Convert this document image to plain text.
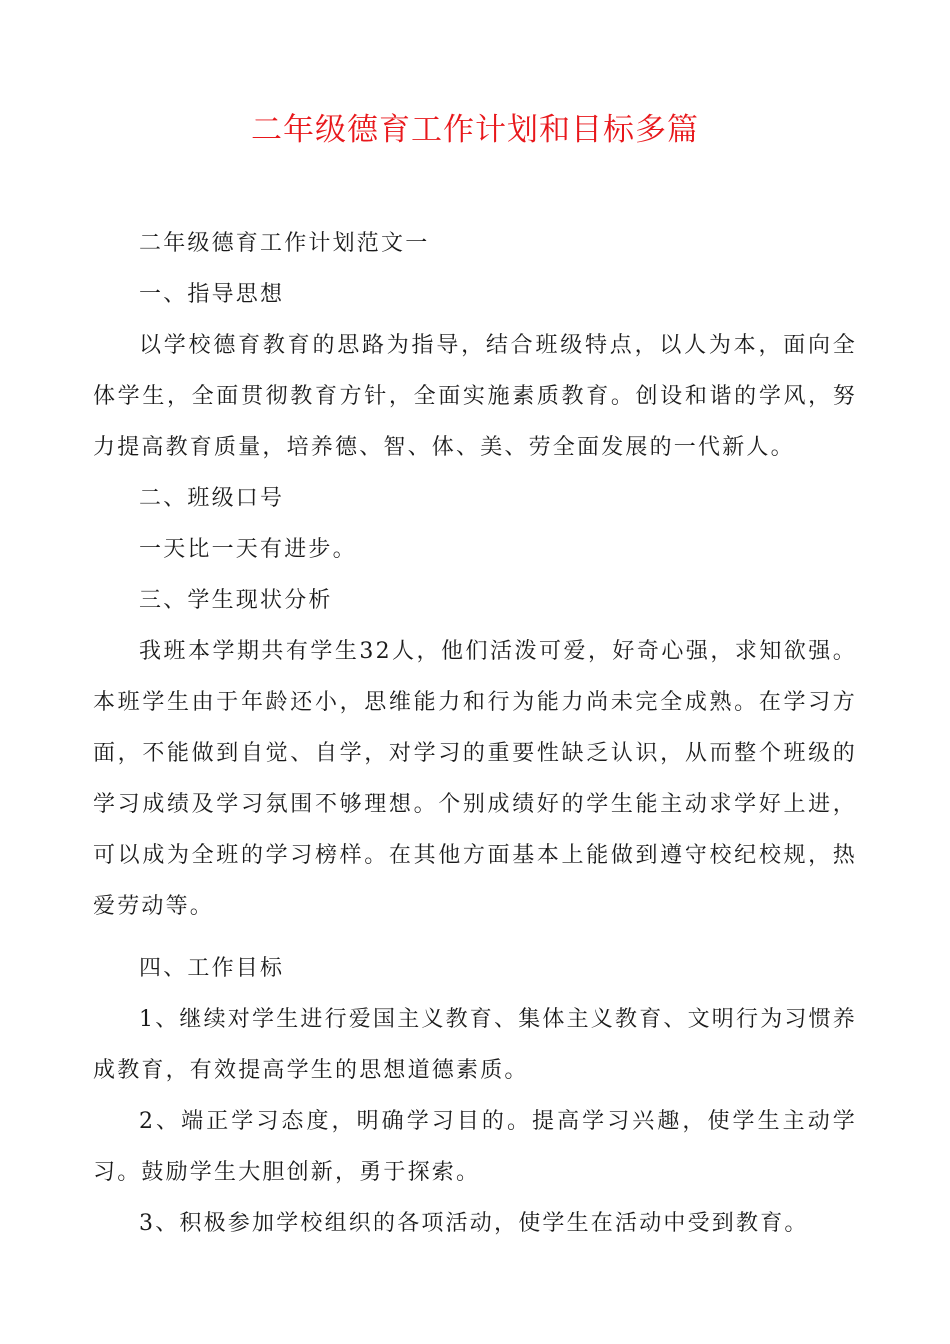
二年级德育工作计划和目标多篇

二年级德育工作计划范文一

一、指导思想

以学校德育教育的思路为指导，结合班级特点，以人为本，面向全体学生，全面贯彻教育方针，全面实施素质教育。创设和谐的学风，努力提高教育质量，培养德、智、体、美、劳全面发展的一代新人。

二、班级口号

一天比一天有进步。

三、学生现状分析

我班本学期共有学生32人，他们活泼可爱，好奇心强，求知欲强。本班学生由于年龄还小，思维能力和行为能力尚未完全成熟。在学习方面，不能做到自觉、自学，对学习的重要性缺乏认识，从而整个班级的学习成绩及学习氛围不够理想。个别成绩好的学生能主动求学好上进，可以成为全班的学习榜样。在其他方面基本上能做到遵守校纪校规，热爱劳动等。

四、工作目标

1、继续对学生进行爱国主义教育、集体主义教育、文明行为习惯养成教育，有效提高学生的思想道德素质。

2、端正学习态度，明确学习目的。提高学习兴趣，使学生主动学习。鼓励学生大胆创新，勇于探索。

3、积极参加学校组织的各项活动，使学生在活动中受到教育。
